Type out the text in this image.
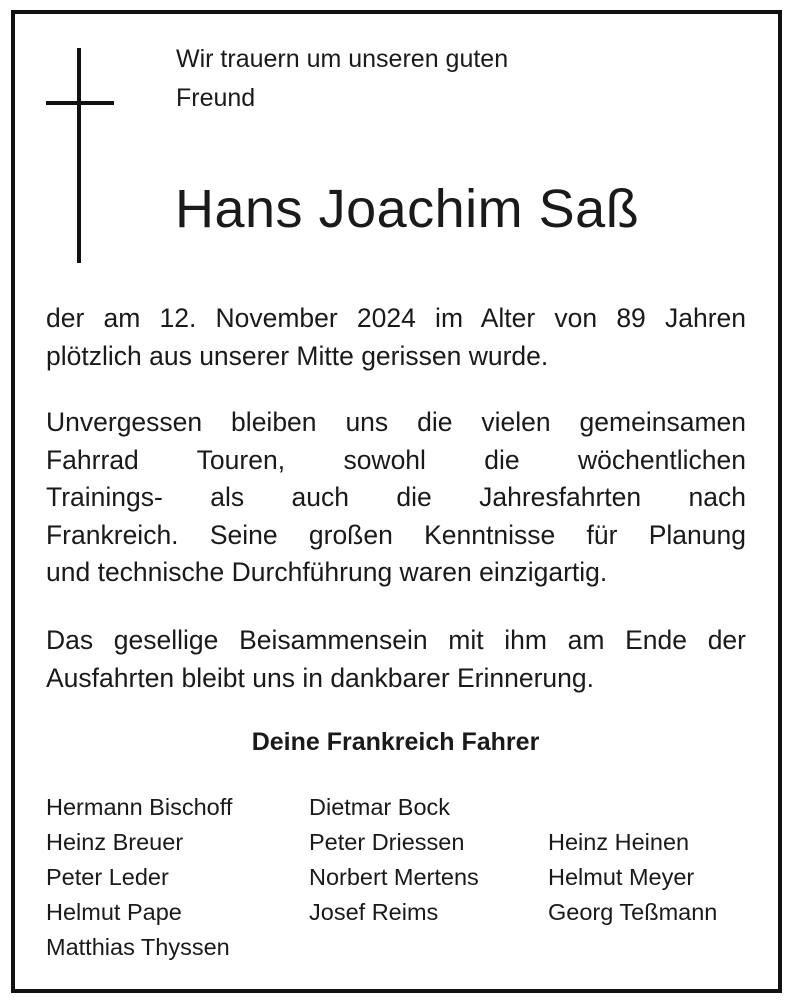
Wir trauern um unseren guten
Freund

Hans Joachim Saß

der am 12. November 2024 im Alter von 89 Jahren
plötzlich aus unserer Mitte gerissen wurde.

Unvergessen bleiben uns die vielen gemeinsamen
Fahrrad Touren, sowohl die wöchentlichen
Trainings- als auch die Jahresfahrten nach
Frankreich. Seine großen Kenntnisse für Planung
und technische Durchführung waren einzigartig.

Das gesellige Beisammensein mit ihm am Ende der
Ausfahrten bleibt uns in dankbarer Erinnerung.

Deine Frankreich Fahrer

Hermann Bischoff
Heinz Breuer
Peter Leder
Helmut Pape
Matthias Thyssen
Dietmar Bock
Peter Driessen
Norbert Mertens
Josef Reims
Heinz Heinen
Helmut Meyer
Georg Teßmann
